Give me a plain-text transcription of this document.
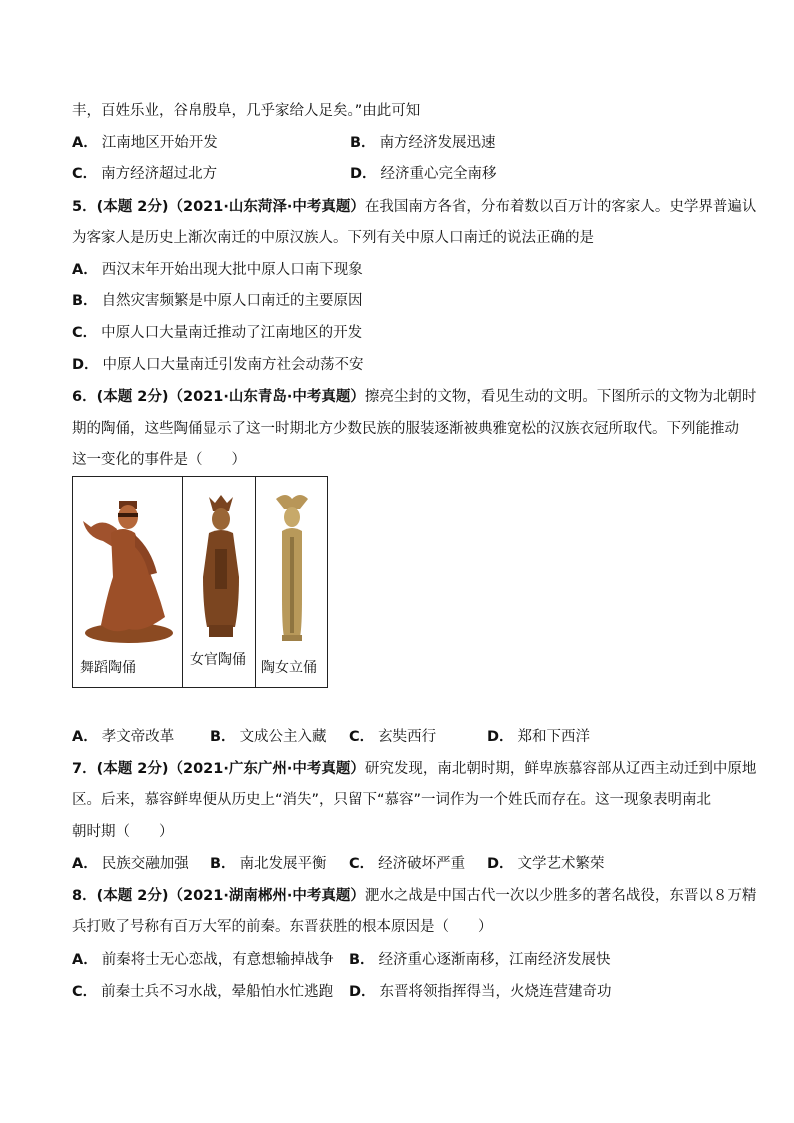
丰，百姓乐业，谷帛殷阜，几乎家给人足矣。”由此可知
A． 江南地区开始开发	B． 南方经济发展迅速
C． 南方经济超过北方	D． 经济重心完全南移
5．(本题 2分)（2021·山东菏泽·中考真题）在我国南方各省，分布着数以百万计的客家人。史学界普遍认
为客家人是历史上渐次南迁的中原汉族人。下列有关中原人口南迁的说法正确的是
A． 西汉末年开始出现大批中原人口南下现象
B． 自然灾害频繁是中原人口南迁的主要原因
C． 中原人口大量南迁推动了江南地区的开发
D． 中原人口大量南迁引发南方社会动荡不安
6．(本题 2分)（2021·山东青岛·中考真题）擦亮尘封的文物，看见生动的文明。下图所示的文物为北朝时
期的陶俑，这些陶俑显示了这一时期北方少数民族的服装逐渐被典雅宽松的汉族衣冠所取代。下列能推动
这一变化的事件是（　　）
舞蹈陶俑	女官陶俑 陶女立俑
A． 孝文帝改革 B． 文成公主入藏 C． 玄奘西行	D． 郑和下西洋
7．(本题 2分)（2021·广东广州·中考真题）研究发现，南北朝时期，鲜卑族慕容部从辽西主动迁到中原地
区。后来，慕容鲜卑便从历史上“消失”，只留下“慕容”一词作为一个姓氏而存在。这一现象表明南北
朝时期（　　）
A． 民族交融加强 B． 南北发展平衡 C． 经济破坏严重 D． 文学艺术繁荣
8．(本题 2分)（2021·湖南郴州·中考真题）淝水之战是中国古代一次以少胜多的著名战役，东晋以８万精
兵打败了号称有百万大军的前秦。东晋获胜的根本原因是（　　）
A． 前秦将士无心恋战，有意想输掉战争 B． 经济重心逐渐南移，江南经济发展快
C． 前秦士兵不习水战，晕船怕水忙逃跑 D． 东晋将领指挥得当，火烧连营建奇功
